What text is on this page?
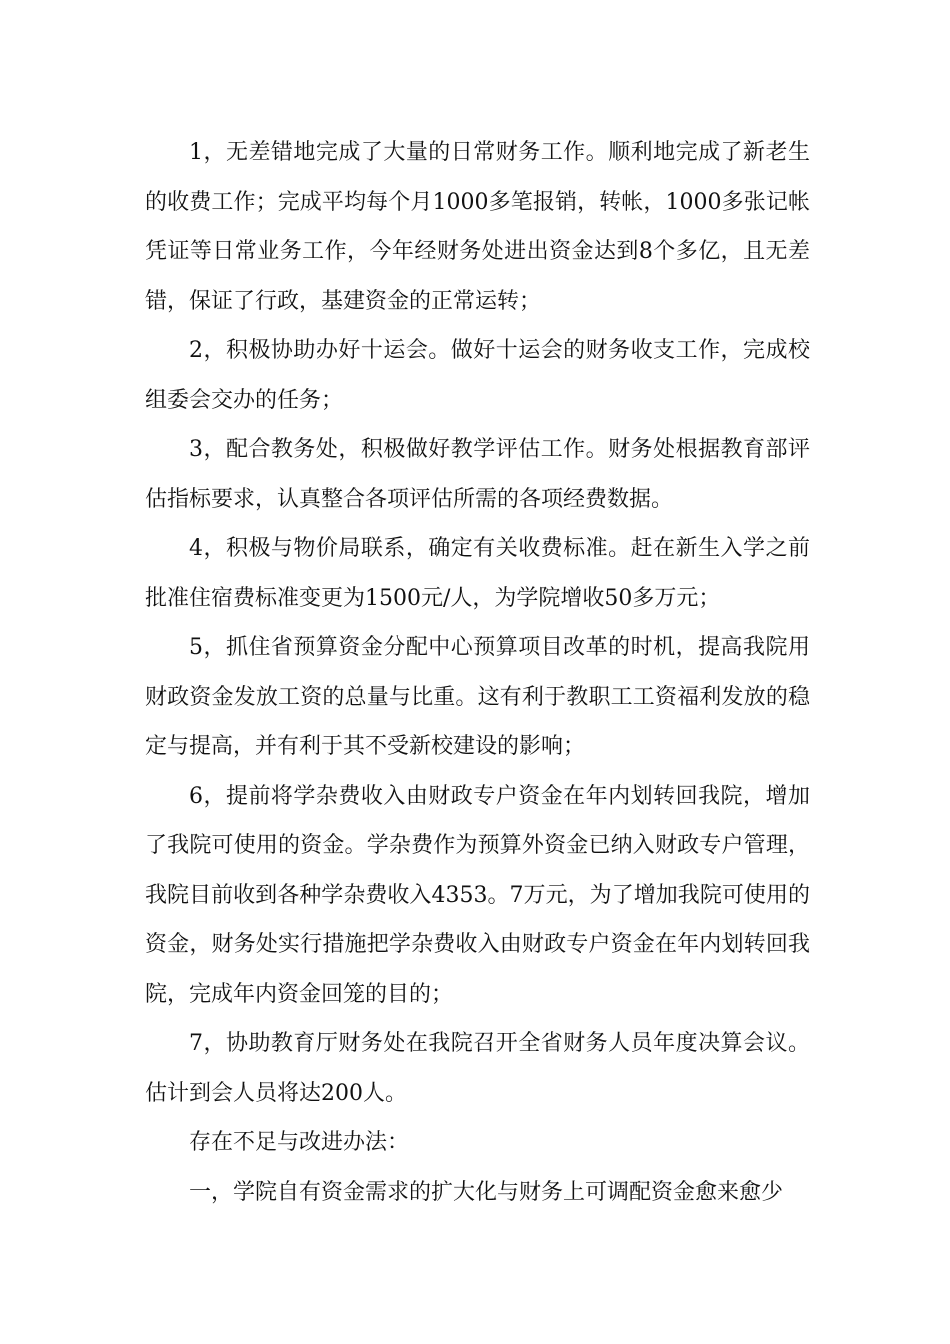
1，无差错地完成了大量的日常财务工作。顺利地完成了新老生的收费工作；完成平均每个月1000多笔报销，转帐，1000多张记帐凭证等日常业务工作，今年经财务处进出资金达到8个多亿，且无差错，保证了行政，基建资金的正常运转；

2，积极协助办好十运会。做好十运会的财务收支工作，完成校组委会交办的任务；

3，配合教务处，积极做好教学评估工作。财务处根据教育部评估指标要求，认真整合各项评估所需的各项经费数据。

4，积极与物价局联系，确定有关收费标准。赶在新生入学之前批准住宿费标准变更为1500元/人，为学院增收50多万元；

5，抓住省预算资金分配中心预算项目改革的时机，提高我院用财政资金发放工资的总量与比重。这有利于教职工工资福利发放的稳定与提高，并有利于其不受新校建设的影响；

6，提前将学杂费收入由财政专户资金在年内划转回我院，增加了我院可使用的资金。学杂费作为预算外资金已纳入财政专户管理，我院目前收到各种学杂费收入4353。7万元，为了增加我院可使用的资金，财务处实行措施把学杂费收入由财政专户资金在年内划转回我院，完成年内资金回笼的目的；

7，协助教育厅财务处在我院召开全省财务人员年度决算会议。估计到会人员将达200人。

存在不足与改进办法：

一，学院自有资金需求的扩大化与财务上可调配资金愈来愈少
